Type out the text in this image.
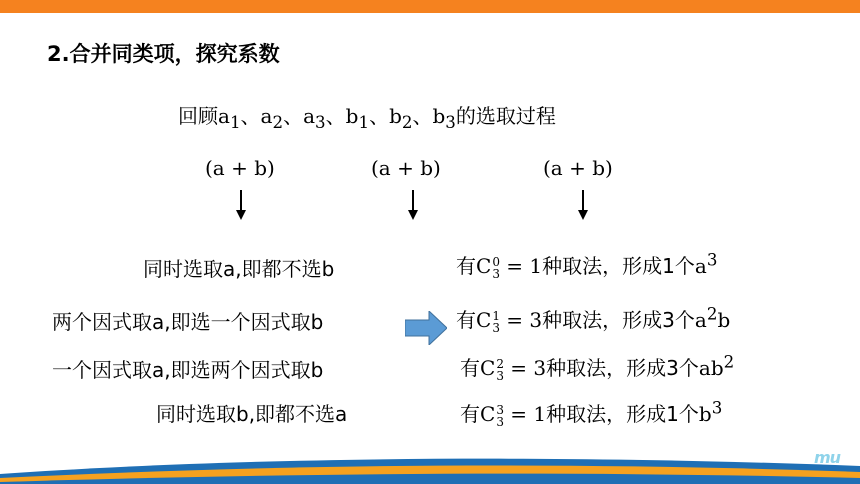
2.合并同类项，探究系数
回顾$a_1$、$a_2$、$a_3$、$b_1$、$b_2$、$b_3$的选取过程
(a + b)	(a + b)	(a + b)
同时选取a,即都不选b
两个因式取a,即选一个因式取b
一个因式取a,即选两个因式取b
同时选取b,即都不选a
有C 0
3 = 1种取法，形成1个$a^3$
有C 1
3 = 3种取法，形成3个$a^2b$
有C 2
3 = 3种取法，形成3个$ab^2$
有C 3
3 = 1种取法，形成1个$b^3$
mu
